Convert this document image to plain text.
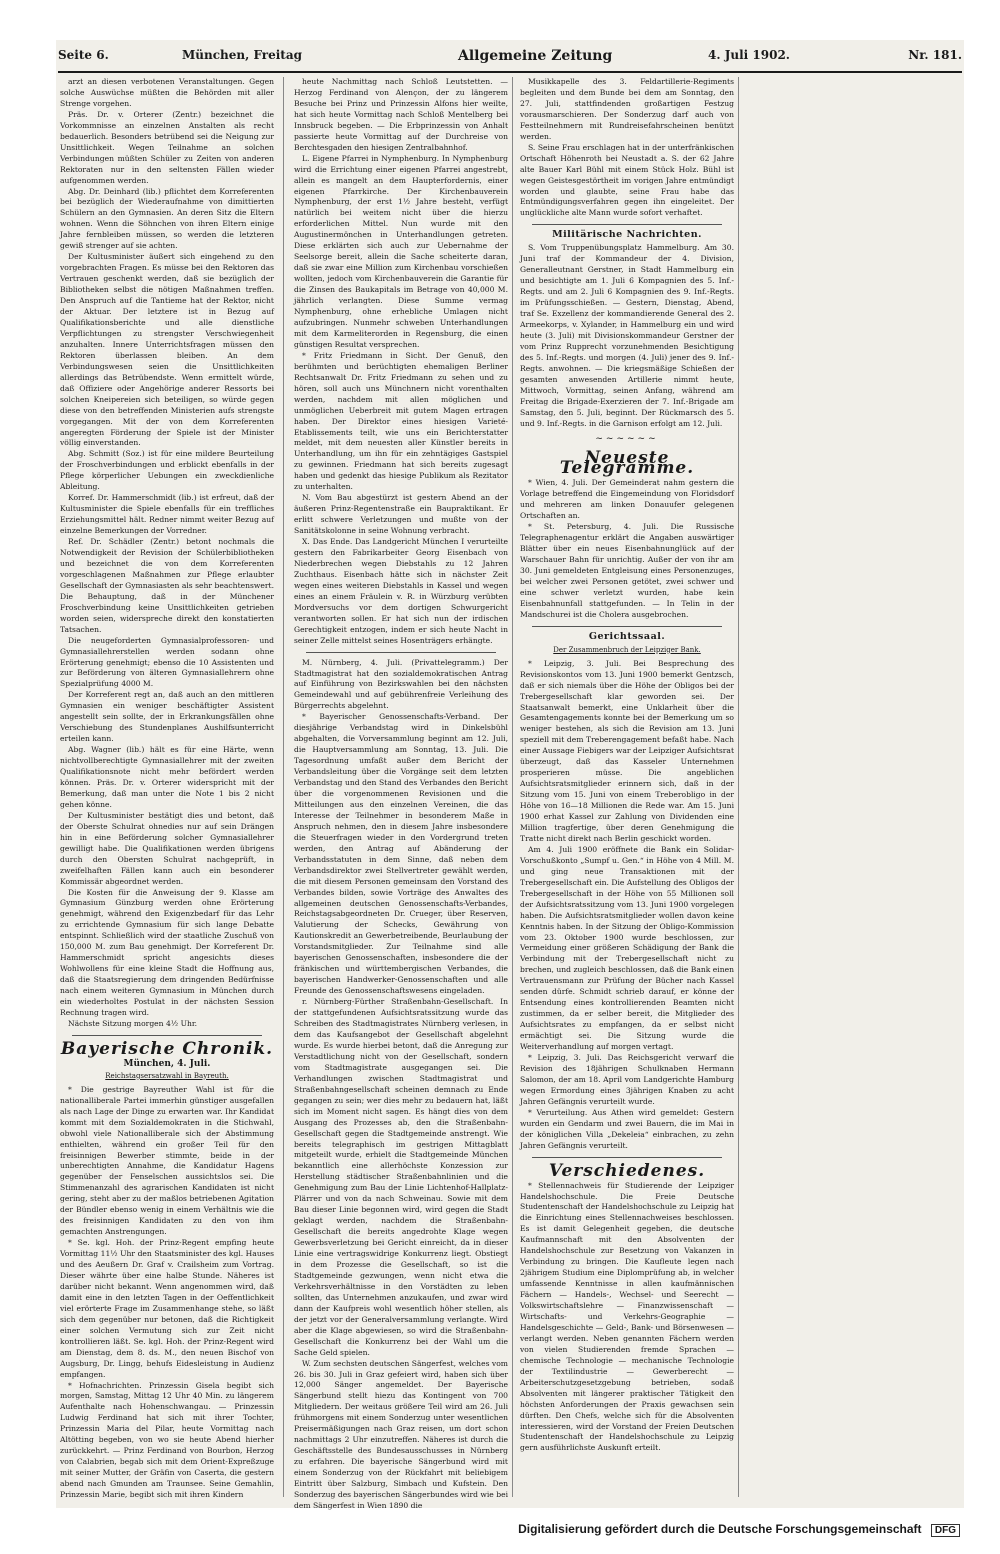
Seite 6.	München, Freitag	Allgemeine Zeitung	4. Juli 1902.	Nr. 181.

arzt an diesen verbotenen Veranstaltungen. Gegen solche Auswüchse müßten die Behörden mit aller Strenge vorgehen.

Präs. Dr. v. Orterer (Zentr.) bezeichnet die Vorkommnisse an einzelnen Anstalten als recht bedauerlich. Besonders betrübend sei die Neigung zur Unsittlichkeit. Wegen Teilnahme an solchen Verbindungen müßten Schüler zu Zeiten von anderen Rektoraten nur in den seltensten Fällen wieder aufgenommen werden.

Abg. Dr. Deinhard (lib.) pflichtet dem Korreferenten bei bezüglich der Wiederaufnahme von dimittierten Schülern an den Gymnasien. An deren Sitz die Eltern wohnen. Wenn die Söhnchen von ihren Eltern einige Jahre fernbleiben müssen, so werden die letzteren gewiß strenger auf sie achten.

Der Kultusminister äußert sich eingehend zu den vorgebrachten Fragen. Es müsse bei den Rektoren das Vertrauen geschenkt werden, daß sie bezüglich der Bibliotheken selbst die nötigen Maßnahmen treffen. Den Anspruch auf die Tantieme hat der Rektor, nicht der Aktuar. Der letztere ist in Bezug auf Qualifikationsberichte und alle dienstliche Verpflichtungen zu strengster Verschwiegenheit anzuhalten. Innere Unterrichtsfragen müssen den Rektoren überlassen bleiben. An dem Verbindungswesen seien die Unsittlichkeiten allerdings das Betrübendste. Wenn ermittelt würde, daß Offiziere oder Angehörige anderer Ressorts bei solchen Kneipereien sich beteiligen, so würde gegen diese von den betreffenden Ministerien aufs strengste vorgegangen. Mit der von dem Korreferenten angeregten Förderung der Spiele ist der Minister völlig einverstanden.

Abg. Schmitt (Soz.) ist für eine mildere Beurteilung der Froschverbindungen und erblickt ebenfalls in der Pflege körperlicher Uebungen ein zweckdienliche Ableitung.

Korref. Dr. Hammerschmidt (lib.) ist erfreut, daß der Kultusminister die Spiele ebenfalls für ein treffliches Erziehungsmittel hält. Redner nimmt weiter Bezug auf einzelne Bemerkungen der Vorredner.

Ref. Dr. Schädler (Zentr.) betont nochmals die Notwendigkeit der Revision der Schülerbibliotheken und bezeichnet die von dem Korreferenten vorgeschlagenen Maßnahmen zur Pflege erlaubter Gesellschaft der Gymnasiasten als sehr beachtenswert. Die Behauptung, daß in der Münchener Froschverbindung keine Unsittlichkeiten getrieben worden seien, widerspreche direkt den konstatierten Tatsachen.

Die neugeforderten Gymnasialprofessoren- und Gymnasiallehrerstellen werden sodann ohne Erörterung genehmigt; ebenso die 10 Assistenten und zur Beförderung von älteren Gymnasiallehrern ohne Spezialprüfung 4000 M.

Der Korreferent regt an, daß auch an den mittleren Gymnasien ein weniger beschäftigter Assistent angestellt sein sollte, der in Erkrankungsfällen ohne Verschiebung des Stundenplanes Aushilfsunterricht erteilen kann.

Abg. Wagner (lib.) hält es für eine Härte, wenn nichtvollberechtigte Gymnasiallehrer mit der zweiten Qualifikationsnote nicht mehr befördert werden können. Präs. Dr. v. Orterer widerspricht mit der Bemerkung, daß man unter die Note 1 bis 2 nicht gehen könne.

Der Kultusminister bestätigt dies und betont, daß der Oberste Schulrat ohnedies nur auf sein Drängen hin in eine Beförderung solcher Gymnasiallehrer gewilligt habe. Die Qualifikationen werden übrigens durch den Obersten Schulrat nachgeprüft, in zweifelhaften Fällen kann auch ein besonderer Kommissär abgeordnet werden.

Die Kosten für die Anweisung der 9. Klasse am Gymnasium Günzburg werden ohne Erörterung genehmigt, während den Exigenzbedarf für das Lehr zu errichtende Gymnasium für sich lange Debatte entspinnt. Schließlich wird der staatliche Zuschuß von 150,000 M. zum Bau genehmigt. Der Korreferent Dr. Hammerschmidt spricht angesichts dieses Wohlwollens für eine kleine Stadt die Hoffnung aus, daß die Staatsregierung dem dringenden Bedürfnisse nach einem weiteren Gymnasium in München durch ein wiederholtes Postulat in der nächsten Session Rechnung tragen wird.

Nächste Sitzung morgen 4½ Uhr.

Bayerische Chronik.

München, 4. Juli.

Reichstagsersatzwahl in Bayreuth.

* Die gestrige Bayreuther Wahl ist für die nationalliberale Partei immerhin günstiger ausgefallen als nach Lage der Dinge zu erwarten war. Ihr Kandidat kommt mit dem Sozialdemokraten in die Stichwahl, obwohl viele Nationalliberale sich der Abstimmung enthielten, während ein großer Teil für den freisinnigen Bewerber stimmte, beide in der unberechtigten Annahme, die Kandidatur Hagens gegenüber der Fenselschen aussichtslos sei. Die Stimmenanzahl des agrarischen Kandidaten ist nicht gering, steht aber zu der maßlos betriebenen Agitation der Bündler ebenso wenig in einem Verhältnis wie die des freisinnigen Kandidaten zu den von ihm gemachten Anstrengungen.

* Se. kgl. Hoh. der Prinz-Regent empfing heute Vormittag 11½ Uhr den Staatsminister des kgl. Hauses und des Aeußern Dr. Graf v. Crailsheim zum Vortrag. Dieser währte über eine halbe Stunde. Näheres ist darüber nicht bekannt. Wenn angenommen wird, daß damit eine in den letzten Tagen in der Oeffentlichkeit viel erörterte Frage im Zusammenhange stehe, so läßt sich dem gegenüber nur betonen, daß die Richtigkeit einer solchen Vermutung sich zur Zeit nicht kontrollieren läßt. Se. kgl. Hoh. der Prinz-Regent wird am Dienstag, dem 8. ds. M., den neuen Bischof von Augsburg, Dr. Lingg, behufs Eidesleistung in Audienz empfangen.

* Hofnachrichten. Prinzessin Gisela begibt sich morgen, Samstag, Mittag 12 Uhr 40 Min. zu längerem Aufenthalte nach Hohenschwangau. — Prinzessin Ludwig Ferdinand hat sich mit ihrer Tochter, Prinzessin Maria del Pilar, heute Vormittag nach Altötting begeben, von wo sie heute Abend hierher zurückkehrt. — Prinz Ferdinand von Bourbon, Herzog von Calabrien, begab sich mit dem Orient-Expreßzuge mit seiner Mutter, der Gräfin von Caserta, die gestern abend nach Gmunden am Traunsee. Seine Gemahlin, Prinzessin Marie, begibt sich mit ihren Kindern

heute Nachmittag nach Schloß Leutstetten. — Herzog Ferdinand von Alençon, der zu längerem Besuche bei Prinz und Prinzessin Alfons hier weilte, hat sich heute Vormittag nach Schloß Mentelberg bei Innsbruck begeben. — Die Erbprinzessin von Anhalt passierte heute Vormittag auf der Durchreise von Berchtesgaden den hiesigen Zentralbahnhof.

L. Eigene Pfarrei in Nymphenburg. In Nymphenburg wird die Errichtung einer eigenen Pfarrei angestrebt, allein es mangelt an dem Haupterfordernis, einer eigenen Pfarrkirche. Der Kirchenbauverein Nymphenburg, der erst 1½ Jahre besteht, verfügt natürlich bei weitem nicht über die hierzu erforderlichen Mittel. Nun wurde mit den Augustinermönchen in Unterhandlungen getreten. Diese erklärten sich auch zur Uebernahme der Seelsorge bereit, allein die Sache scheiterte daran, daß sie zwar eine Million zum Kirchenbau vorschießen wollten, jedoch vom Kirchenbauverein die Garantie für die Zinsen des Baukapitals im Betrage von 40,000 M. jährlich verlangten. Diese Summe vermag Nymphenburg, ohne erhebliche Umlagen nicht aufzubringen. Nunmehr schweben Unterhandlungen mit dem Karmeliterorden in Regensburg, die einen günstigen Resultat versprechen.

* Fritz Friedmann in Sicht. Der Genuß, den berühmten und berüchtigten ehemaligen Berliner Rechtsanwalt Dr. Fritz Friedmann zu sehen und zu hören, soll auch uns Münchnern nicht vorenthalten werden, nachdem mit allen möglichen und unmöglichen Ueberbreit mit gutem Magen ertragen haben. Der Direktor eines hiesigen Varieté-Etablissements teilt, wie uns ein Berichterstatter meldet, mit dem neuesten aller Künstler bereits in Unterhandlung, um ihn für ein zehntägiges Gastspiel zu gewinnen. Friedmann hat sich bereits zugesagt haben und gedenkt das hiesige Publikum als Rezitator zu unterhalten.

N. Vom Bau abgestürzt ist gestern Abend an der äußeren Prinz-Regentenstraße ein Baupraktikant. Er erlitt schwere Verletzungen und mußte von der Sanitätskolonne in seine Wohnung verbracht.

X. Das Ende. Das Landgericht München I verurteilte gestern den Fabrikarbeiter Georg Eisenbach von Niederbrechen wegen Diebstahls zu 12 Jahren Zuchthaus. Eisenbach hätte sich in nächster Zeit wegen eines weiteren Diebstahls in Kassel und wegen eines an einem Fräulein v. R. in Würzburg verübten Mordversuchs vor dem dortigen Schwurgericht verantworten sollen. Er hat sich nun der irdischen Gerechtigkeit entzogen, indem er sich heute Nacht in seiner Zelle mittelst seines Hosenträgers erhängte.

M. Nürnberg, 4. Juli. (Privattelegramm.) Der Stadtmagistrat hat den sozialdemokratischen Antrag auf Einführung von Bezirkswahlen bei den nächsten Gemeindewahl und auf gebührenfreie Verleihung des Bürgerrechts abgelehnt.

* Bayerischer Genossenschafts-Verband. Der diesjährige Verbandstag wird in Dinkelsbühl abgehalten, die Vorversammlung beginnt am 12. Juli, die Hauptversammlung am Sonntag, 13. Juli. Die Tagesordnung umfaßt außer dem Bericht der Verbandsleitung über die Vorgänge seit dem letzten Verbandstag und den Stand des Verbandes den Bericht über die vorgenommenen Revisionen und die Mitteilungen aus den einzelnen Vereinen, die das Interesse der Teilnehmer in besonderem Maße in Anspruch nehmen, den in diesem Jahre insbesondere die Steuerfragen wieder in den Vordergrund treten werden, den Antrag auf Abänderung der Verbandsstatuten in dem Sinne, daß neben dem Verbandsdirektor zwei Stellvertreter gewählt werden, die mit diesem Personen gemeinsam den Vorstand des Verbandes bilden, sowie Vorträge des Anwaltes des allgemeinen deutschen Genossenschafts-Verbandes, Reichstagsabgeordneten Dr. Crueger, über Reserven, Valutierung der Schecks, Gewährung von Kautionskredit an Gewerbetreibende, Beurlaubung der Vorstandsmitglieder. Zur Teilnahme sind alle bayerischen Genossenschaften, insbesondere die der fränkischen und württembergischen Verbandes, die bayerischen Handwerker-Genossenschaften und alle Freunde des Genossenschaftswesens eingeladen.

r. Nürnberg-Fürther Straßenbahn-Gesellschaft. In der stattgefundenen Aufsichtsratssitzung wurde das Schreiben des Stadtmagistrates Nürnberg verlesen, in dem das Kaufsangebot der Gesellschaft abgelehnt wurde. Es wurde hierbei betont, daß die Anregung zur Verstadtlichung nicht von der Gesellschaft, sondern vom Stadtmagistrate ausgegangen sei. Die Verhandlungen zwischen Stadtmagistrat und Straßenbahngesellschaft scheinen demnach zu Ende gegangen zu sein; wer dies mehr zu bedauern hat, läßt sich im Moment nicht sagen. Es hängt dies von dem Ausgang des Prozesses ab, den die Straßenbahn-Gesellschaft gegen die Stadtgemeinde anstrengt. Wie bereits telegraphisch im gestrigen Mittagblatt mitgeteilt wurde, erhielt die Stadtgemeinde München bekanntlich eine allerhöchste Konzession zur Herstellung städtischer Straßenbahnlinien und die Genehmigung zum Bau der Linie Lichtenhof-Hallplatz-Plärrer und von da nach Schweinau. Sowie mit dem Bau dieser Linie begonnen wird, wird gegen die Stadt geklagt werden, nachdem die Straßenbahn-Gesellschaft die bereits angedrohte Klage wegen Gewerbsverletzung bei Gericht einreicht, da in dieser Linie eine vertragswidrige Konkurrenz liegt. Obstiegt in dem Prozesse die Gesellschaft, so ist die Stadtgemeinde gezwungen, wenn nicht etwa die Verkehrsverhältnisse in den Vorstädten zu leben sollten, das Unternehmen anzukaufen, und zwar wird dann der Kaufpreis wohl wesentlich höher stellen, als der jetzt vor der Generalversammlung verlangte. Wird aber die Klage abgewiesen, so wird die Straßenbahn-Gesellschaft die Konkurrenz bei der Wahl um die Sache Geld spielen.

W. Zum sechsten deutschen Sängerfest, welches vom 26. bis 30. Juli in Graz gefeiert wird, haben sich über 12,000 Sänger angemeldet. Der Bayerische Sängerbund stellt hiezu das Kontingent von 700 Mitgliedern. Der weitaus größere Teil wird am 26. Juli frühmorgens mit einem Sonderzug unter wesentlichen Preisermäßigungen nach Graz reisen, um dort schon nachmittags 2 Uhr einzutreffen. Näheres ist durch die Geschäftsstelle des Bundesausschusses in Nürnberg zu erfahren. Die bayerische Sängerbund wird mit einem Sonderzug von der Rückfahrt mit beliebigem Eintritt über Salzburg, Simbach und Kufstein. Den Sonderzug des bayerischen Sängerbundes wird wie bei dem Sängerfest in Wien 1890 die

Musikkapelle des 3. Feldartillerie-Regiments begleiten und dem Bunde bei dem am Sonntag, den 27. Juli, stattfindenden großartigen Festzug vorausmarschieren. Der Sonderzug darf auch von Festteilnehmern mit Rundreisefahrscheinen benützt werden.

S. Seine Frau erschlagen hat in der unterfränkischen Ortschaft Höhenroth bei Neustadt a. S. der 62 Jahre alte Bauer Karl Bühl mit einem Stück Holz. Bühl ist wegen Geistesgestörtheit im vorigen Jahre entmündigt worden und glaubte, seine Frau habe das Entmündigungsverfahren gegen ihn eingeleitet. Der unglückliche alte Mann wurde sofort verhaftet.

Militärische Nachrichten.

S. Vom Truppenübungsplatz Hammelburg. Am 30. Juni traf der Kommandeur der 4. Division, Generalleutnant Gerstner, in Stadt Hammelburg ein und besichtigte am 1. Juli 6 Kompagnien des 5. Inf.-Regts. und am 2. Juli 6 Kompagnien des 9. Inf.-Regts. im Prüfungsschießen. — Gestern, Dienstag, Abend, traf Se. Exzellenz der kommandierende General des 2. Armeekorps, v. Xylander, in Hammelburg ein und wird heute (3. Juli) mit Divisionskommandeur Gerstner der vom Prinz Rupprecht vorzunehmenden Besichtigung des 5. Inf.-Regts. und morgen (4. Juli) jener des 9. Inf.-Regts. anwohnen. — Die kriegsmäßige Schießen der gesamten anwesenden Artillerie nimmt heute, Mittwoch, Vormittag, seinen Anfang, während am Freitag die Brigade-Exerzieren der 7. Inf.-Brigade am Samstag, den 5. Juli, beginnt. Der Rückmarsch des 5. und 9. Inf.-Regts. in die Garnison erfolgt am 12. Juli.

~~~~~~

Neueste Telegramme.

* Wien, 4. Juli. Der Gemeinderat nahm gestern die Vorlage betreffend die Eingemeindung von Floridsdorf und mehreren am linken Donauufer gelegenen Ortschaften an.

* St. Petersburg, 4. Juli. Die Russische Telegraphenagentur erklärt die Angaben auswärtiger Blätter über ein neues Eisenbahnunglück auf der Warschauer Bahn für unrichtig. Außer der von ihr am 30. Juni gemeldeten Entgleisung eines Personenzuges, bei welcher zwei Personen getötet, zwei schwer und eine schwer verletzt wurden, habe kein Eisenbahnunfall stattgefunden. — In Telin in der Mandschurei ist die Cholera ausgebrochen.

Gerichtssaal.

Der Zusammenbruch der Leipziger Bank.

* Leipzig, 3. Juli. Bei Besprechung des Revisionskontos vom 13. Juni 1900 bemerkt Gentzsch, daß er sich niemals über die Höhe der Obligos bei der Trebergesellschaft klar geworden sei. Der Staatsanwalt bemerkt, eine Unklarheit über die Gesamtengagements konnte bei der Bemerkung um so weniger bestehen, als sich die Revision am 13. Juni speziell mit dem Treberengagement befaßt habe. Nach einer Aussage Fiebigers war der Leipziger Aufsichtsrat überzeugt, daß das Kasseler Unternehmen prosperieren müsse. Die angeblichen Aufsichtsratsmitglieder erinnern sich, daß in der Sitzung vom 15. Juni von einem Treberobligo in der Höhe von 16—18 Millionen die Rede war. Am 15. Juni 1900 erhat Kassel zur Zahlung von Dividenden eine Million tragfertige, über deren Genehmigung die Tratte nicht direkt nach Berlin geschickt worden.

Am 4. Juli 1900 eröffnete die Bank ein Solidar-Vorschußkonto „Sumpf u. Gen.“ in Höhe von 4 Mill. M. und ging neue Transaktionen mit der Trebergesellschaft ein. Die Aufstellung des Obligos der Trebergesellschaft in der Höhe von 55 Millionen soll der Aufsichtsratssitzung vom 13. Juni 1900 vorgelegen haben. Die Aufsichtsratsmitglieder wollen davon keine Kenntnis haben. In der Sitzung der Obligo-Kommission vom 23. Oktober 1900 wurde beschlossen, zur Vermeidung einer größeren Schädigung der Bank die Verbindung mit der Trebergesellschaft nicht zu brechen, und zugleich beschlossen, daß die Bank einen Vertrauensmann zur Prüfung der Bücher nach Kassel senden dürfe. Schmidt schrieb darauf, er könne der Entsendung eines kontrollierenden Beamten nicht zustimmen, da er selber bereit, die Mitglieder des Aufsichtsrates zu empfangen, da er selbst nicht ermächtigt sei. Die Sitzung wurde die Weiterverhandlung auf morgen vertagt.

* Leipzig, 3. Juli. Das Reichsgericht verwarf die Revision des 18jährigen Schulknaben Hermann Salomon, der am 18. April vom Landgerichte Hamburg wegen Ermordung eines 3jährigen Knaben zu acht Jahren Gefängnis verurteilt wurde.

* Verurteilung. Aus Athen wird gemeldet: Gestern wurden ein Gendarm und zwei Bauern, die im Mai in der königlichen Villa „Dekeleia“ einbrachen, zu zehn Jahren Gefängnis verurteilt.

Verschiedenes.

* Stellennachweis für Studierende der Leipziger Handelshochschule. Die Freie Deutsche Studentenschaft der Handelshochschule zu Leipzig hat die Einrichtung eines Stellennachweises beschlossen. Es ist damit Gelegenheit gegeben, die deutsche Kaufmannschaft mit den Absolventen der Handelshochschule zur Besetzung von Vakanzen in Verbindung zu bringen. Die Kaufleute legen nach 2jährigem Studium eine Diplomprüfung ab, in welcher umfassende Kenntnisse in allen kaufmännischen Fächern — Handels-, Wechsel- und Seerecht — Volkswirtschaftslehre — Finanzwissenschaft — Wirtschafts- und Verkehrs-Geographie — Handelsgeschichte — Geld-, Bank- und Börsenwesen — verlangt werden. Neben genannten Fächern werden von vielen Studierenden fremde Sprachen — chemische Technologie — mechanische Technologie der Textilindustrie — Gewerberecht — Arbeiterschutzgesetzgebung betrieben, sodaß Absolventen mit längerer praktischer Tätigkeit den höchsten Anforderungen der Praxis gewachsen sein dürften. Den Chefs, welche sich für die Absolventen interessieren, wird der Vorstand der Freien Deutschen Studentenschaft der Handelshochschule zu Leipzig gern ausführlichste Auskunft erteilt.

Digitalisierung gefördert durch die Deutsche Forschungsgemeinschaft DFG
